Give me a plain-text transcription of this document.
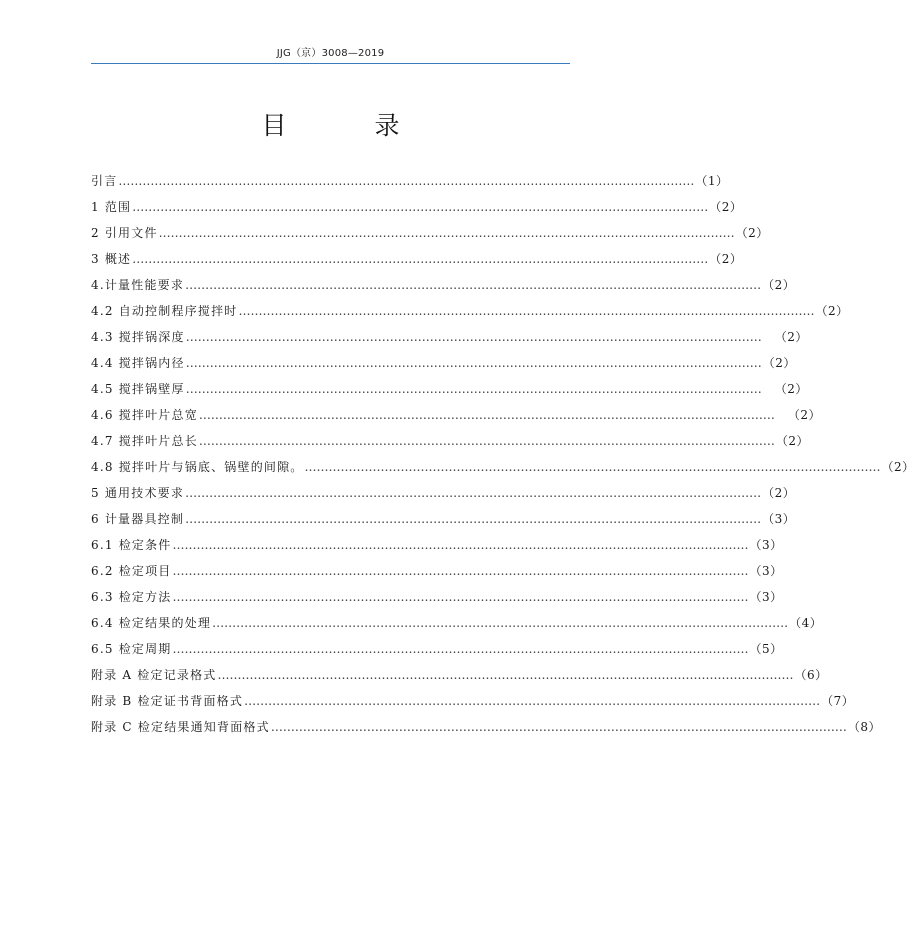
JJG（京）3008—2019
目 录
引言 ……………………………………………………………………………………………………………………………… （1）
1 范围 ……………………………………………………………………………………………………………………………… （2）
2 引用文件 ……………………………………………………………………………………………………………………………… （2）
3 概述 ……………………………………………………………………………………………………………………………… （2）
4.计量性能要求 ……………………………………………………………………………………………………………………………… （2）
4.2 自动控制程序搅拌时 ……………………………………………………………………………………………………………………………… （2）
4.3 搅拌锅深度 ……………………………………………………………………………………………………………………………… （2）
4.4 搅拌锅内径 ……………………………………………………………………………………………………………………………… （2）
4.5 搅拌锅壁厚 ……………………………………………………………………………………………………………………………… （2）
4.6 搅拌叶片总宽 ……………………………………………………………………………………………………………………………… （2）
4.7 搅拌叶片总长 ……………………………………………………………………………………………………………………………… （2）
4.8 搅拌叶片与锅底、锅壁的间隙。 ……………………………………………………………………………………………………………………………… （2）
5 通用技术要求 ……………………………………………………………………………………………………………………………… （2）
6 计量器具控制 ……………………………………………………………………………………………………………………………… （3）
6.1 检定条件 ……………………………………………………………………………………………………………………………… （3）
6.2 检定项目 ……………………………………………………………………………………………………………………………… （3）
6.3 检定方法 ……………………………………………………………………………………………………………………………… （3）
6.4 检定结果的处理 ……………………………………………………………………………………………………………………………… （4）
6.5 检定周期 ……………………………………………………………………………………………………………………………… （5）
附录 A 检定记录格式 ……………………………………………………………………………………………………………………………… （6）
附录 B 检定证书背面格式 ……………………………………………………………………………………………………………………………… （7）
附录 C 检定结果通知背面格式 ……………………………………………………………………………………………………………………………… （8）
